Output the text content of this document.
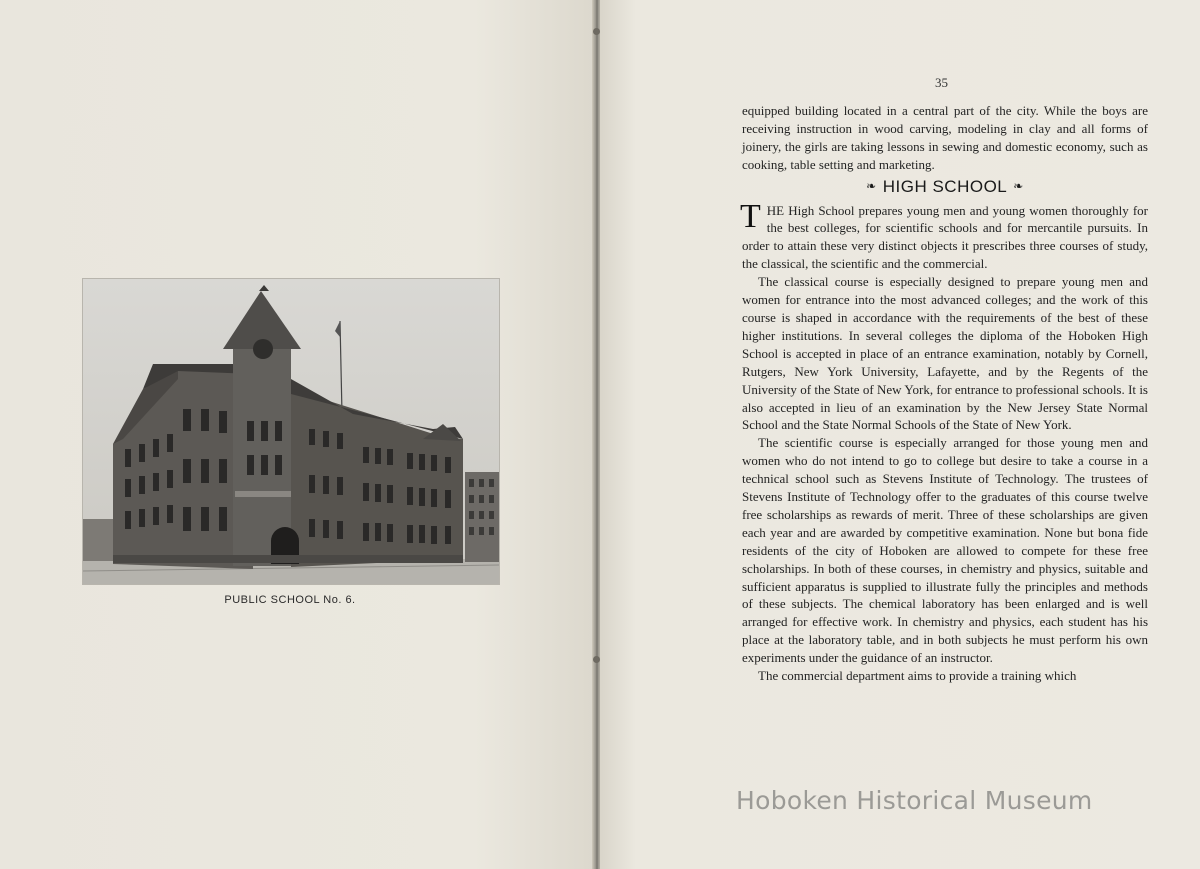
PUBLIC SCHOOL No. 6.
35

equipped building located in a central part of the city. While the boys are receiving instruction in wood carving, modeling in clay and all forms of joinery, the girls are taking lessons in sewing and domestic economy, such as cooking, table setting and marketing.

❧ HIGH SCHOOL ❧

THE High School prepares young men and young women thoroughly for the best colleges, for scientific schools and for mercantile pursuits. In order to attain these very distinct objects it prescribes three courses of study, the classical, the scientific and the commercial.

The classical course is especially designed to prepare young men and women for entrance into the most advanced colleges; and the work of this course is shaped in accordance with the requirements of the best of these higher institutions. In several colleges the diploma of the Hoboken High School is accepted in place of an entrance examination, notably by Cornell, Rutgers, New York University, Lafayette, and by the Regents of the University of the State of New York, for entrance to professional schools. It is also accepted in lieu of an examination by the New Jersey State Normal School and the State Normal Schools of the State of New York.

The scientific course is especially arranged for those young men and women who do not intend to go to college but desire to take a course in a technical school such as Stevens Institute of Technology. The trustees of Stevens Institute of Technology offer to the graduates of this course twelve free scholarships as rewards of merit. Three of these scholarships are given each year and are awarded by competitive examination. None but bona fide residents of the city of Hoboken are allowed to compete for these free scholarships. In both of these courses, in chemistry and physics, suitable and sufficient apparatus is supplied to illustrate fully the principles and methods of these subjects. The chemical laboratory has been enlarged and is well arranged for effective work. In chemistry and physics, each student has his place at the laboratory table, and in both subjects he must perform his own experiments under the guidance of an instructor.

The commercial department aims to provide a training which

Hoboken Historical Museum
